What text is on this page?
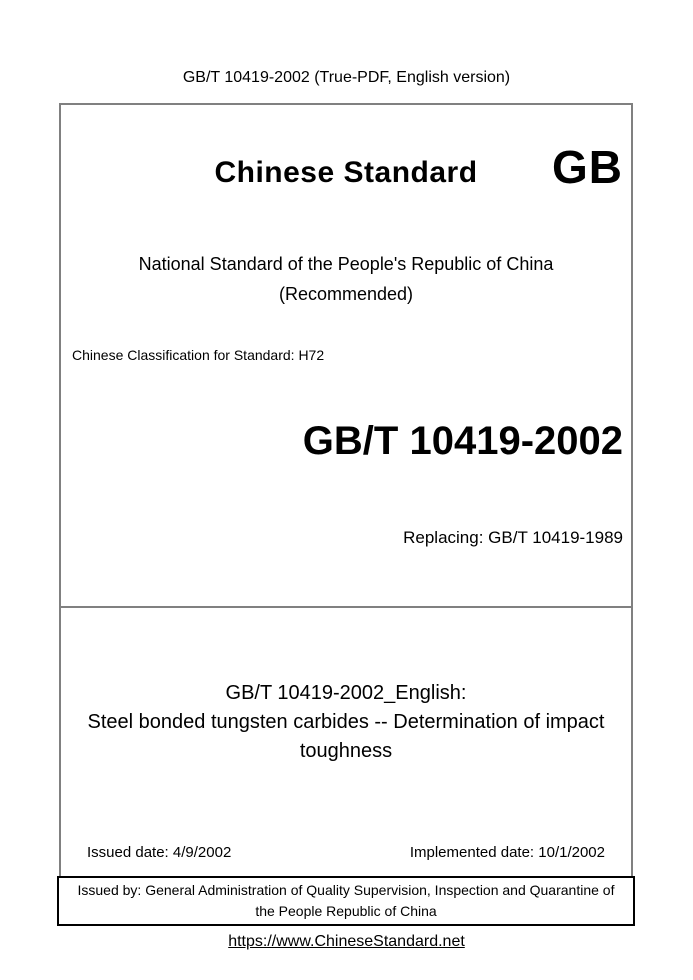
GB/T 10419-2002 (True-PDF, English version)
Chinese Standard	GB
National Standard of the People's Republic of China
(Recommended)
Chinese Classification for Standard: H72
GB/T 10419-2002
Replacing: GB/T 10419-1989
GB/T 10419-2002_English:
Steel bonded tungsten carbides -- Determination of impact toughness
Issued date: 4/9/2002	Implemented date: 10/1/2002
Issued by: General Administration of Quality Supervision, Inspection and Quarantine of the People Republic of China
https://www.ChineseStandard.net
